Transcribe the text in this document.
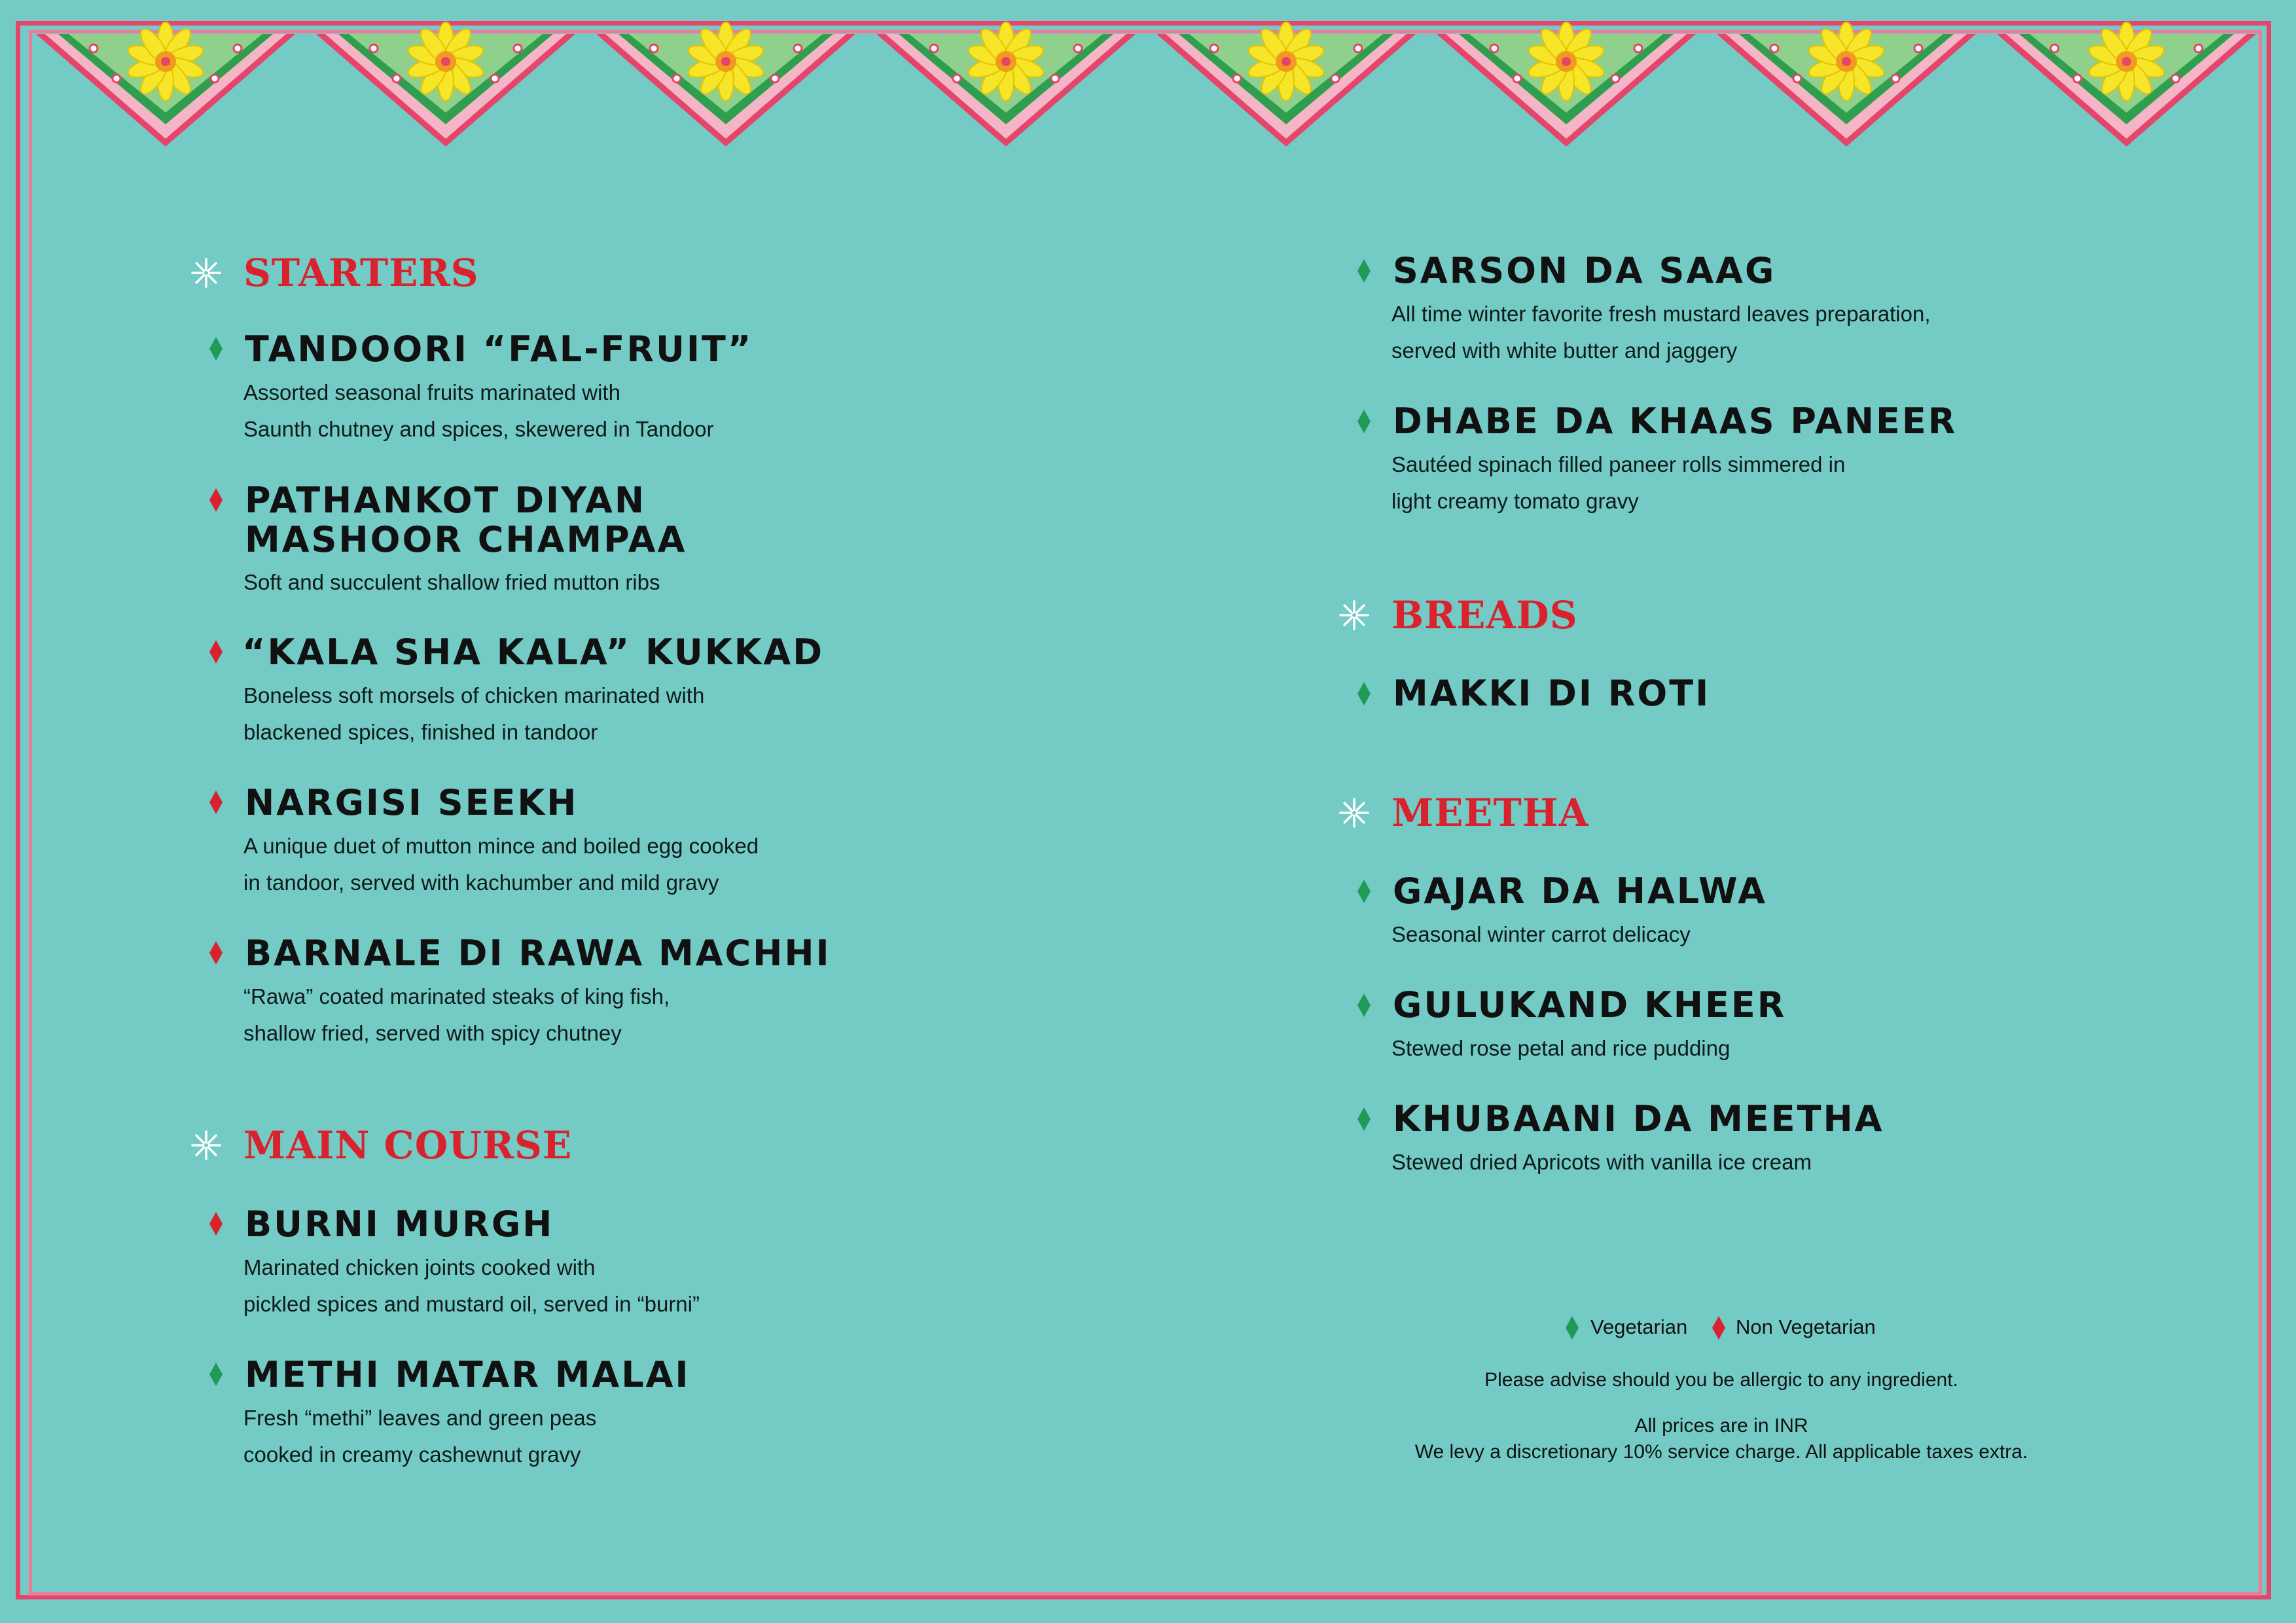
STARTERS
TANDOORI “FAL-FRUIT”
Assorted seasonal fruits marinated with
Saunth chutney and spices, skewered in Tandoor
PATHANKOT DIYAN
MASHOOR CHAMPAA
Soft and succulent shallow fried mutton ribs
“KALA SHA KALA” KUKKAD
Boneless soft morsels of chicken marinated with
blackened spices, finished in tandoor
NARGISI SEEKH
A unique duet of mutton mince and boiled egg cooked
in tandoor, served with kachumber and mild gravy
BARNALE DI RAWA MACHHI
“Rawa” coated marinated steaks of king fish,
shallow fried, served with spicy chutney
MAIN COURSE
BURNI MURGH
Marinated chicken joints cooked with
pickled spices and mustard oil, served in “burni”
METHI MATAR MALAI
Fresh “methi” leaves and green peas
cooked in creamy cashewnut gravy
SARSON DA SAAG
All time winter favorite fresh mustard leaves preparation,
served with white butter and jaggery
DHABE DA KHAAS PANEER
Sautéed spinach filled paneer rolls simmered in
light creamy tomato gravy
BREADS
MAKKI DI ROTI
MEETHA
GAJAR DA HALWA
Seasonal winter carrot delicacy
GULUKAND KHEER
Stewed rose petal and rice pudding
KHUBAANI DA MEETHA
Stewed dried Apricots with vanilla ice cream
Vegetarian Non Vegetarian
Please advise should you be allergic to any ingredient.
All prices are in INR
We levy a discretionary 10% service charge. All applicable taxes extra.
